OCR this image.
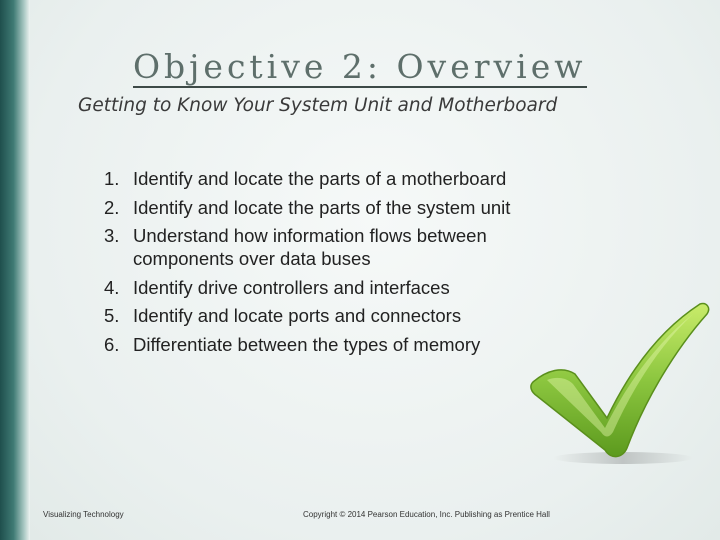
Objective 2: Overview
Getting to Know Your System Unit and Motherboard
1. Identify and locate the parts of a motherboard
2. Identify and locate the parts of the system unit
3. Understand how information flows between components over data buses
4. Identify drive controllers and interfaces
5. Identify and locate ports and connectors
6. Differentiate between the types of memory
Visualizing Technology	Copyright © 2014 Pearson Education, Inc. Publishing as Prentice Hall
